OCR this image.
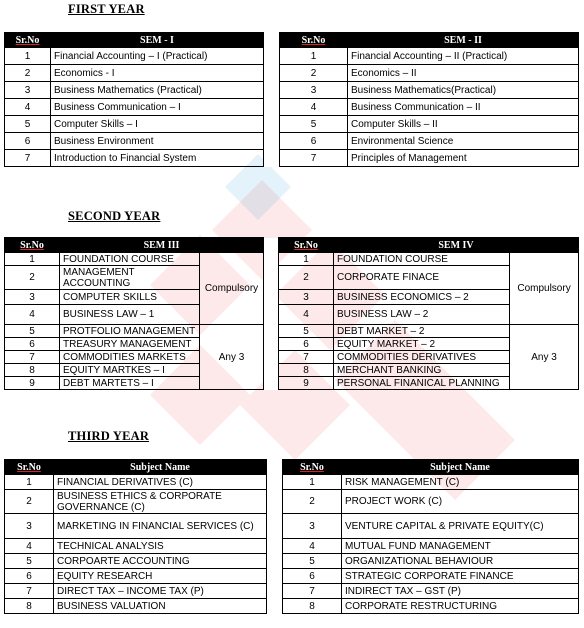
FIRST YEAR
Sr.No	SEM - I		Sr.No	SEM - II
1	Financial Accounting – I (Practical)		1	Financial Accounting – II (Practical)
2	Economics - I		2	Economics – II
3	Business Mathematics (Practical)		3	Business Mathematics(Practical)
4	Business Communication – I		4	Business Communication – II
5	Computer Skills – I		5	Computer Skills – II
6	Business Environment		6	Environmental Science
7	Introduction to Financial System		7	Principles of Management
SECOND YEAR
Sr.No	SEM III			Sr.No	SEM IV	
1	FOUNDATION COURSE	Compulsory		1	FOUNDATION COURSE	Compulsory
2	MANAGEMENT ACCOUNTING			2	CORPORATE FINACE	
3	COMPUTER SKILLS			3	BUSINESS ECONOMICS – 2	
4	BUSINESS LAW – 1			4	BUSINESS LAW – 2	
5	PROTFOLIO MANAGEMENT	Any 3		5	DEBT MARKET – 2	Any 3
6	TREASURY MANAGEMENT			6	EQUITY MARKET – 2	
7	COMMODITIES MARKETS			7	COMMODITIES DERIVATIVES	
8	EQUITY MARTKES – I			8	MERCHANT BANKING	
9	DEBT MARTETS – I			9	PERSONAL FINANICAL PLANNING	
THIRD YEAR
Sr.No	Subject Name		Sr.No	Subject Name
1	FINANCIAL DERIVATIVES (C)		1	RISK MANAGEMENT (C)
2	BUSINESS ETHICS & CORPORATE GOVERNANCE (C)		2	PROJECT WORK (C)
3	MARKETING IN FINANCIAL SERVICES (C)		3	VENTURE CAPITAL & PRIVATE EQUITY(C)
4	TECHNICAL ANALYSIS		4	MUTUAL FUND MANAGEMENT
5	CORPOARTE ACCOUNTING		5	ORGANIZATIONAL BEHAVIOUR
6	EQUITY RESEARCH		6	STRATEGIC CORPORATE FINANCE
7	DIRECT TAX – INCOME TAX (P)		7	INDIRECT TAX – GST (P)
8	BUSINESS VALUATION		8	CORPORATE RESTRUCTURING
